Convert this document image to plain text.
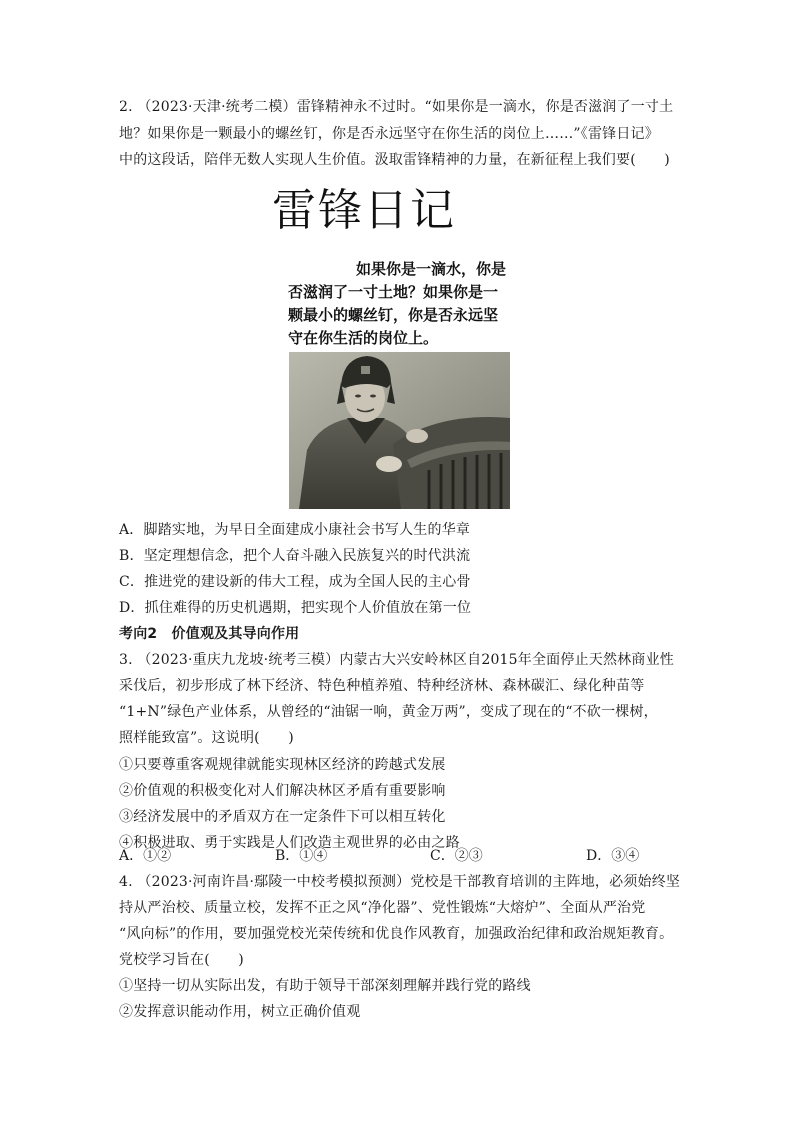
2. （2023·天津·统考二模）雷锋精神永不过时。“如果你是一滴水，你是否滋润了一寸土
地？如果你是一颗最小的螺丝钉，你是否永远坚守在你生活的岗位上……”《雷锋日记》
中的这段话，陪伴无数人实现人生价值。汲取雷锋精神的力量，在新征程上我们要(　　)
雷锋日记
如果你是一滴水，你是
否滋润了一寸土地？如果你是一
颗最小的螺丝钉，你是否永远坚
守在你生活的岗位上。
A．脚踏实地，为早日全面建成小康社会书写人生的华章
B．坚定理想信念，把个人奋斗融入民族复兴的时代洪流
C．推进党的建设新的伟大工程，成为全国人民的主心骨
D．抓住难得的历史机遇期，把实现个人价值放在第一位
考向2　价值观及其导向作用
3. （2023·重庆九龙坡·统考三模）内蒙古大兴安岭林区自2015年全面停止天然林商业性
采伐后，初步形成了林下经济、特色种植养殖、特种经济林、森林碳汇、绿化种苗等
“1+N”绿色产业体系，从曾经的“油锯一响，黄金万两”，变成了现在的“不砍一棵树，
照样能致富”。这说明(　　)
①只要尊重客观规律就能实现林区经济的跨越式发展
②价值观的积极变化对人们解决林区矛盾有重要影响
③经济发展中的矛盾双方在一定条件下可以相互转化
④积极进取、勇于实践是人们改造主观世界的必由之路
A．①②	B．①④	C．②③	D．③④
4. （2023·河南许昌·鄢陵一中校考模拟预测）党校是干部教育培训的主阵地，必须始终坚
持从严治校、质量立校，发挥不正之风“净化器”、党性锻炼“大熔炉”、全面从严治党
“风向标”的作用，要加强党校光荣传统和优良作风教育，加强政治纪律和政治规矩教育。
党校学习旨在(　　)
①坚持一切从实际出发，有助于领导干部深刻理解并践行党的路线
②发挥意识能动作用，树立正确价值观
